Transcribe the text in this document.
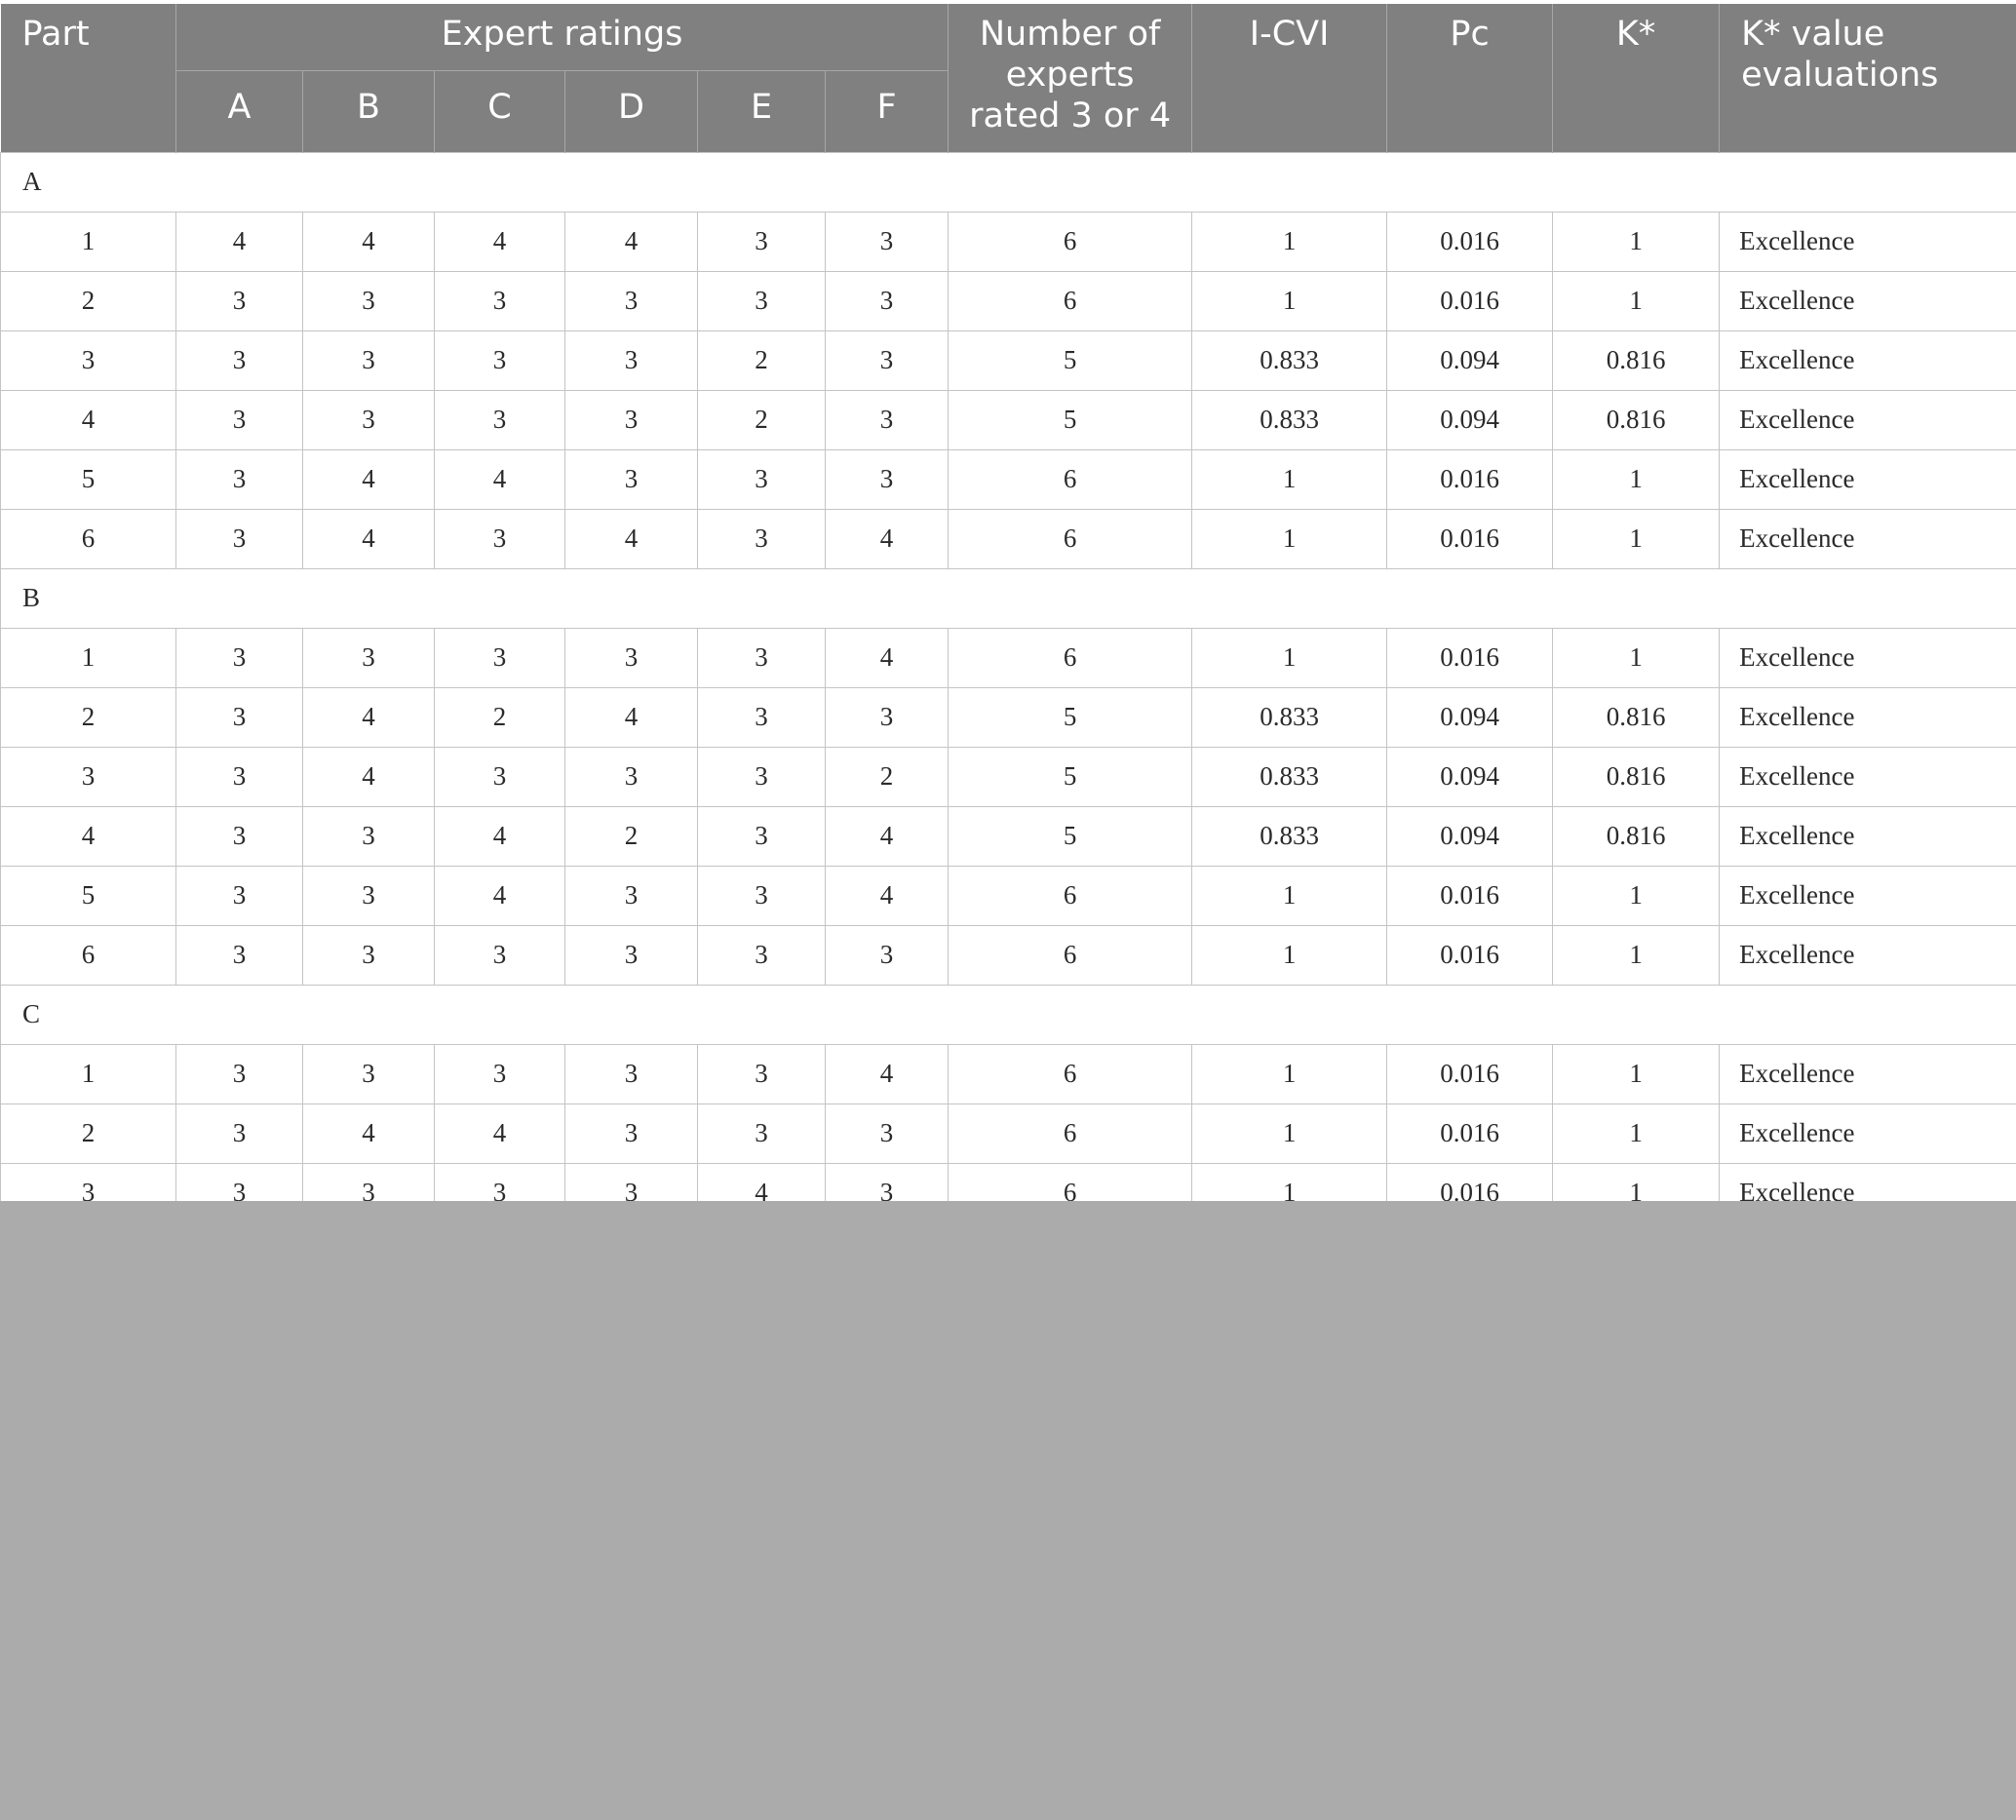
Part	Expert ratings						Number of experts rated 3 or 4	I-CVI	Pc	Κ*	Κ* value evaluations
	A	B	C	D	E	F					
A											
1	4	4	4	4	3	3	6	1	0.016	1	Excellence
2	3	3	3	3	3	3	6	1	0.016	1	Excellence
3	3	3	3	3	2	3	5	0.833	0.094	0.816	Excellence
4	3	3	3	3	2	3	5	0.833	0.094	0.816	Excellence
5	3	4	4	3	3	3	6	1	0.016	1	Excellence
6	3	4	3	4	3	4	6	1	0.016	1	Excellence
B											
1	3	3	3	3	3	4	6	1	0.016	1	Excellence
2	3	4	2	4	3	3	5	0.833	0.094	0.816	Excellence
3	3	4	3	3	3	2	5	0.833	0.094	0.816	Excellence
4	3	3	4	2	3	4	5	0.833	0.094	0.816	Excellence
5	3	3	4	3	3	4	6	1	0.016	1	Excellence
6	3	3	3	3	3	3	6	1	0.016	1	Excellence
C											
1	3	3	3	3	3	4	6	1	0.016	1	Excellence
2	3	4	4	3	3	3	6	1	0.016	1	Excellence
3	3	3	3	3	4	3	6	1	0.016	1	Excellence
